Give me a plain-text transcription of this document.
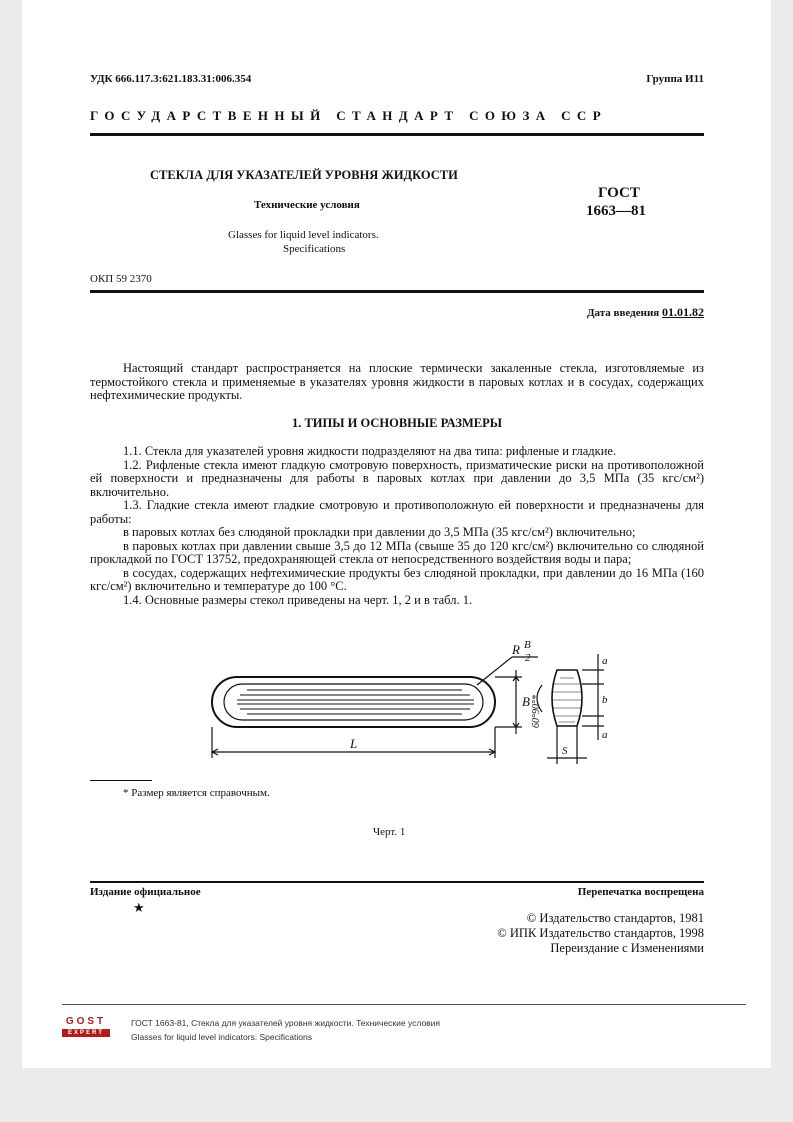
УДК 666.117.3:621.183.31:006.354	Группа И11
ГОСУДАРСТВЕННЫЙ СТАНДАРТ СОЮЗА ССР
СТЕКЛА ДЛЯ УКАЗАТЕЛЕЙ УРОВНЯ ЖИДКОСТИ
Технические условия
Glasses for liquid level indicators.
Specifications
ГОСТ
1663—81
ОКП 59 2370
Дата введения 01.01.82
Настоящий стандарт распространяется на плоские термически закаленные стекла, изготовляемые из термостойкого стекла и применяемые в указателях уровня жидкости в паровых котлах и в сосудах, содержащих нефтехимические продукты.
1. ТИПЫ И ОСНОВНЫЕ РАЗМЕРЫ
1.1. Стекла для указателей уровня жидкости подразделяют на два типа: рифленые и гладкие.
1.2. Рифленые стекла имеют гладкую смотровую поверхность, призматические риски на противоположной ей поверхности и предназначены для работы в паровых котлах при давлении до 3,5 МПа (35 кгс/см²) включительно.
1.3. Гладкие стекла имеют гладкие смотровую и противоположную ей поверхности и предназначены для работы:
в паровых котлах без слюдяной прокладки при давлении до 3,5 МПа (35 кгс/см²) включительно;
в паровых котлах при давлении свыше 3,5 до 12 МПа (свыше 35 до 120 кгс/см²) включительно со слюдяной прокладкой по ГОСТ 13752, предохраняющей стекла от непосредственного воздействия воды и пара;
в сосудах, содержащих нефтехимические продукты без слюдяной прокладки, при давлении до 16 МПа (160 кгс/см²) включительно и температуре до 100 °С.
1.4. Основные размеры стекол приведены на черт. 1, 2 и в табл. 1.
R B
2
B
L
60°90°*
a
b
a
S
* Размер является справочным.
Черт. 1
Издание официальное	Перепечатка воспрещена
★
© Издательство стандартов, 1981
© ИПК Издательство стандартов, 1998
Переиздание с Изменениями
GOST
EXPERT
ГОСТ 1663-81, Стекла для указателей уровня жидкости. Технические условия
Glasses for liquid level indicators. Specifications
